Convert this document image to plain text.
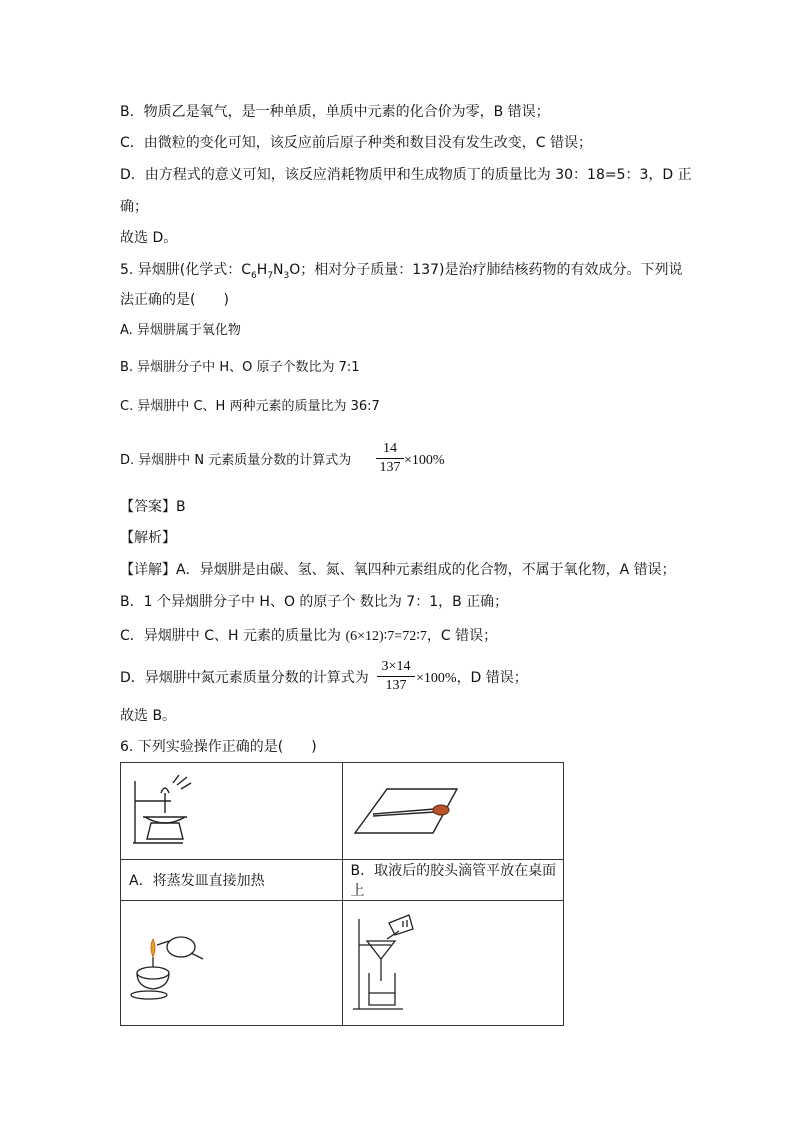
B．物质乙是氧气，是一种单质，单质中元素的化合价为零，B 错误；
C．由微粒的变化可知，该反应前后原子种类和数目没有发生改变，C 错误；
D．由方程式的意义可知，该反应消耗物质甲和生成物质丁的质量比为 30：18=5：3，D 正
确；
故选 D。
5. 异烟肼(化学式：$C_6H_7N_3O$；相对分子质量：137)是治疗肺结核药物的有效成分。下列说
法正确的是(　　)
A. 异烟肼属于氧化物
B. 异烟肼分子中 H、O 原子个数比为 7:1
C. 异烟肼中 C、H 两种元素的质量比为 36:7
D. 异烟肼中 N 元素质量分数的计算式为
14
137 ×100%
【答案】B
【解析】
【详解】A．异烟肼是由碳、氢、氮、氧四种元素组成的化合物，不属于氧化物，A 错误；
B．1 个异烟肼分子中 H、O 的原子个 数比为 7：1，B 正确；
C．异烟肼中 C、H 元素的质量比为 (6×12)∶7=72∶7，C 错误；
D．异烟肼中氮元素质量分数的计算式为
3×14
137 ×100%，D 错误；
故选 B。
6. 下列实验操作正确的是(　　)

A．将蒸发皿直接加热	B．取液后的胶头滴管平放在桌面上
